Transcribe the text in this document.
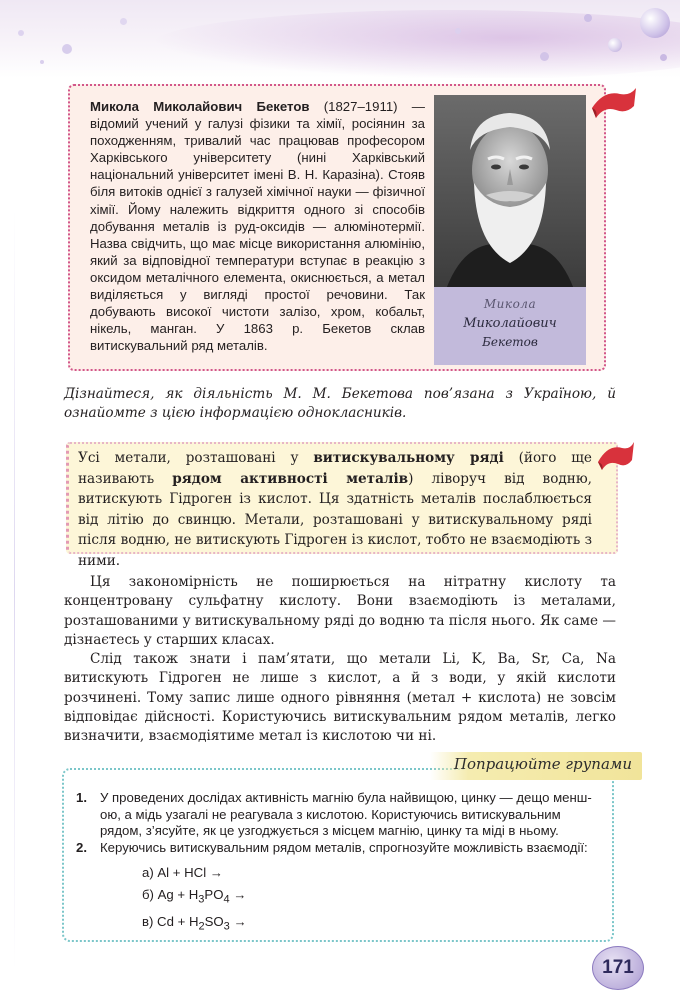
Микола Миколайович Бекетов (1827–1911) — відомий учений у галузі фізики та хімії, росіянин за походженням, тривалий час працював професором Харківського університету (нині Харківський національний університет імені В. Н. Каразіна). Стояв біля витоків однієї з галузей хімічної науки — фізичної хімії. Йому належить відкриття одного зі способів добування металів із руд-оксидів — алюмінотермії. Назва свідчить, що має місце використання алюмінію, який за відповідної температури вступає в реакцію з оксидом металічного елемента, окиснюється, а метал виділяється у вигляді простої речовини. Так добувають високої чистоти залізо, хром, кобальт, нікель, манган. У 1863 р. Бекетов склав витискувальний ряд металів.
Микола
Миколайович
Бекетов
Дізнайтеся, як діяльність М. М. Бекетова пов’язана з Україною, й ознайомте з цією інформацією однокласників.
Усі метали, розташовані у витискувальному ряді (його ще називають рядом активності металів) ліворуч від водню, витискують Гідроген із кислот. Ця здатність металів послаблюється від літію до свинцю. Метали, розташовані у витискувальному ряді після водню, не витискують Гідроген із кислот, тобто не взаємодіють з ними.

Ця закономірність не поширюється на нітратну кислоту та концентровану сульфатну кислоту. Вони взаємодіють із металами, розташованими у витискувальному ряді до водню та після нього. Як саме — дізнаєтесь у старших класах.

Слід також знати і пам’ятати, що метали Li, K, Ba, Sr, Ca, Na витискують Гідроген не лише з кислот, а й з води, у якій кислоти розчинені. Тому запис лише одного рівняння (метал + кислота) не зовсім відповідає дійсності. Користуючись витискувальним рядом металів, легко визначити, взаємодіятиме метал із кислотою чи ні.

Попрацюйте групами
1. У проведених дослідах активність магнію була найвищою, цинку — дещо меншою, а мідь узагалі не реагувала з кислотою. Користуючись витискувальним рядом, з’ясуйте, як це узгоджується з місцем магнію, цинку та міді в ньому.
2. Керуючись витискувальним рядом металів, спрогнозуйте можливість взаємодії:
а) Al + HCl →
б) $Ag + H_3PO_4$ →
в) $Cd + H_2SO_3$ →
171
